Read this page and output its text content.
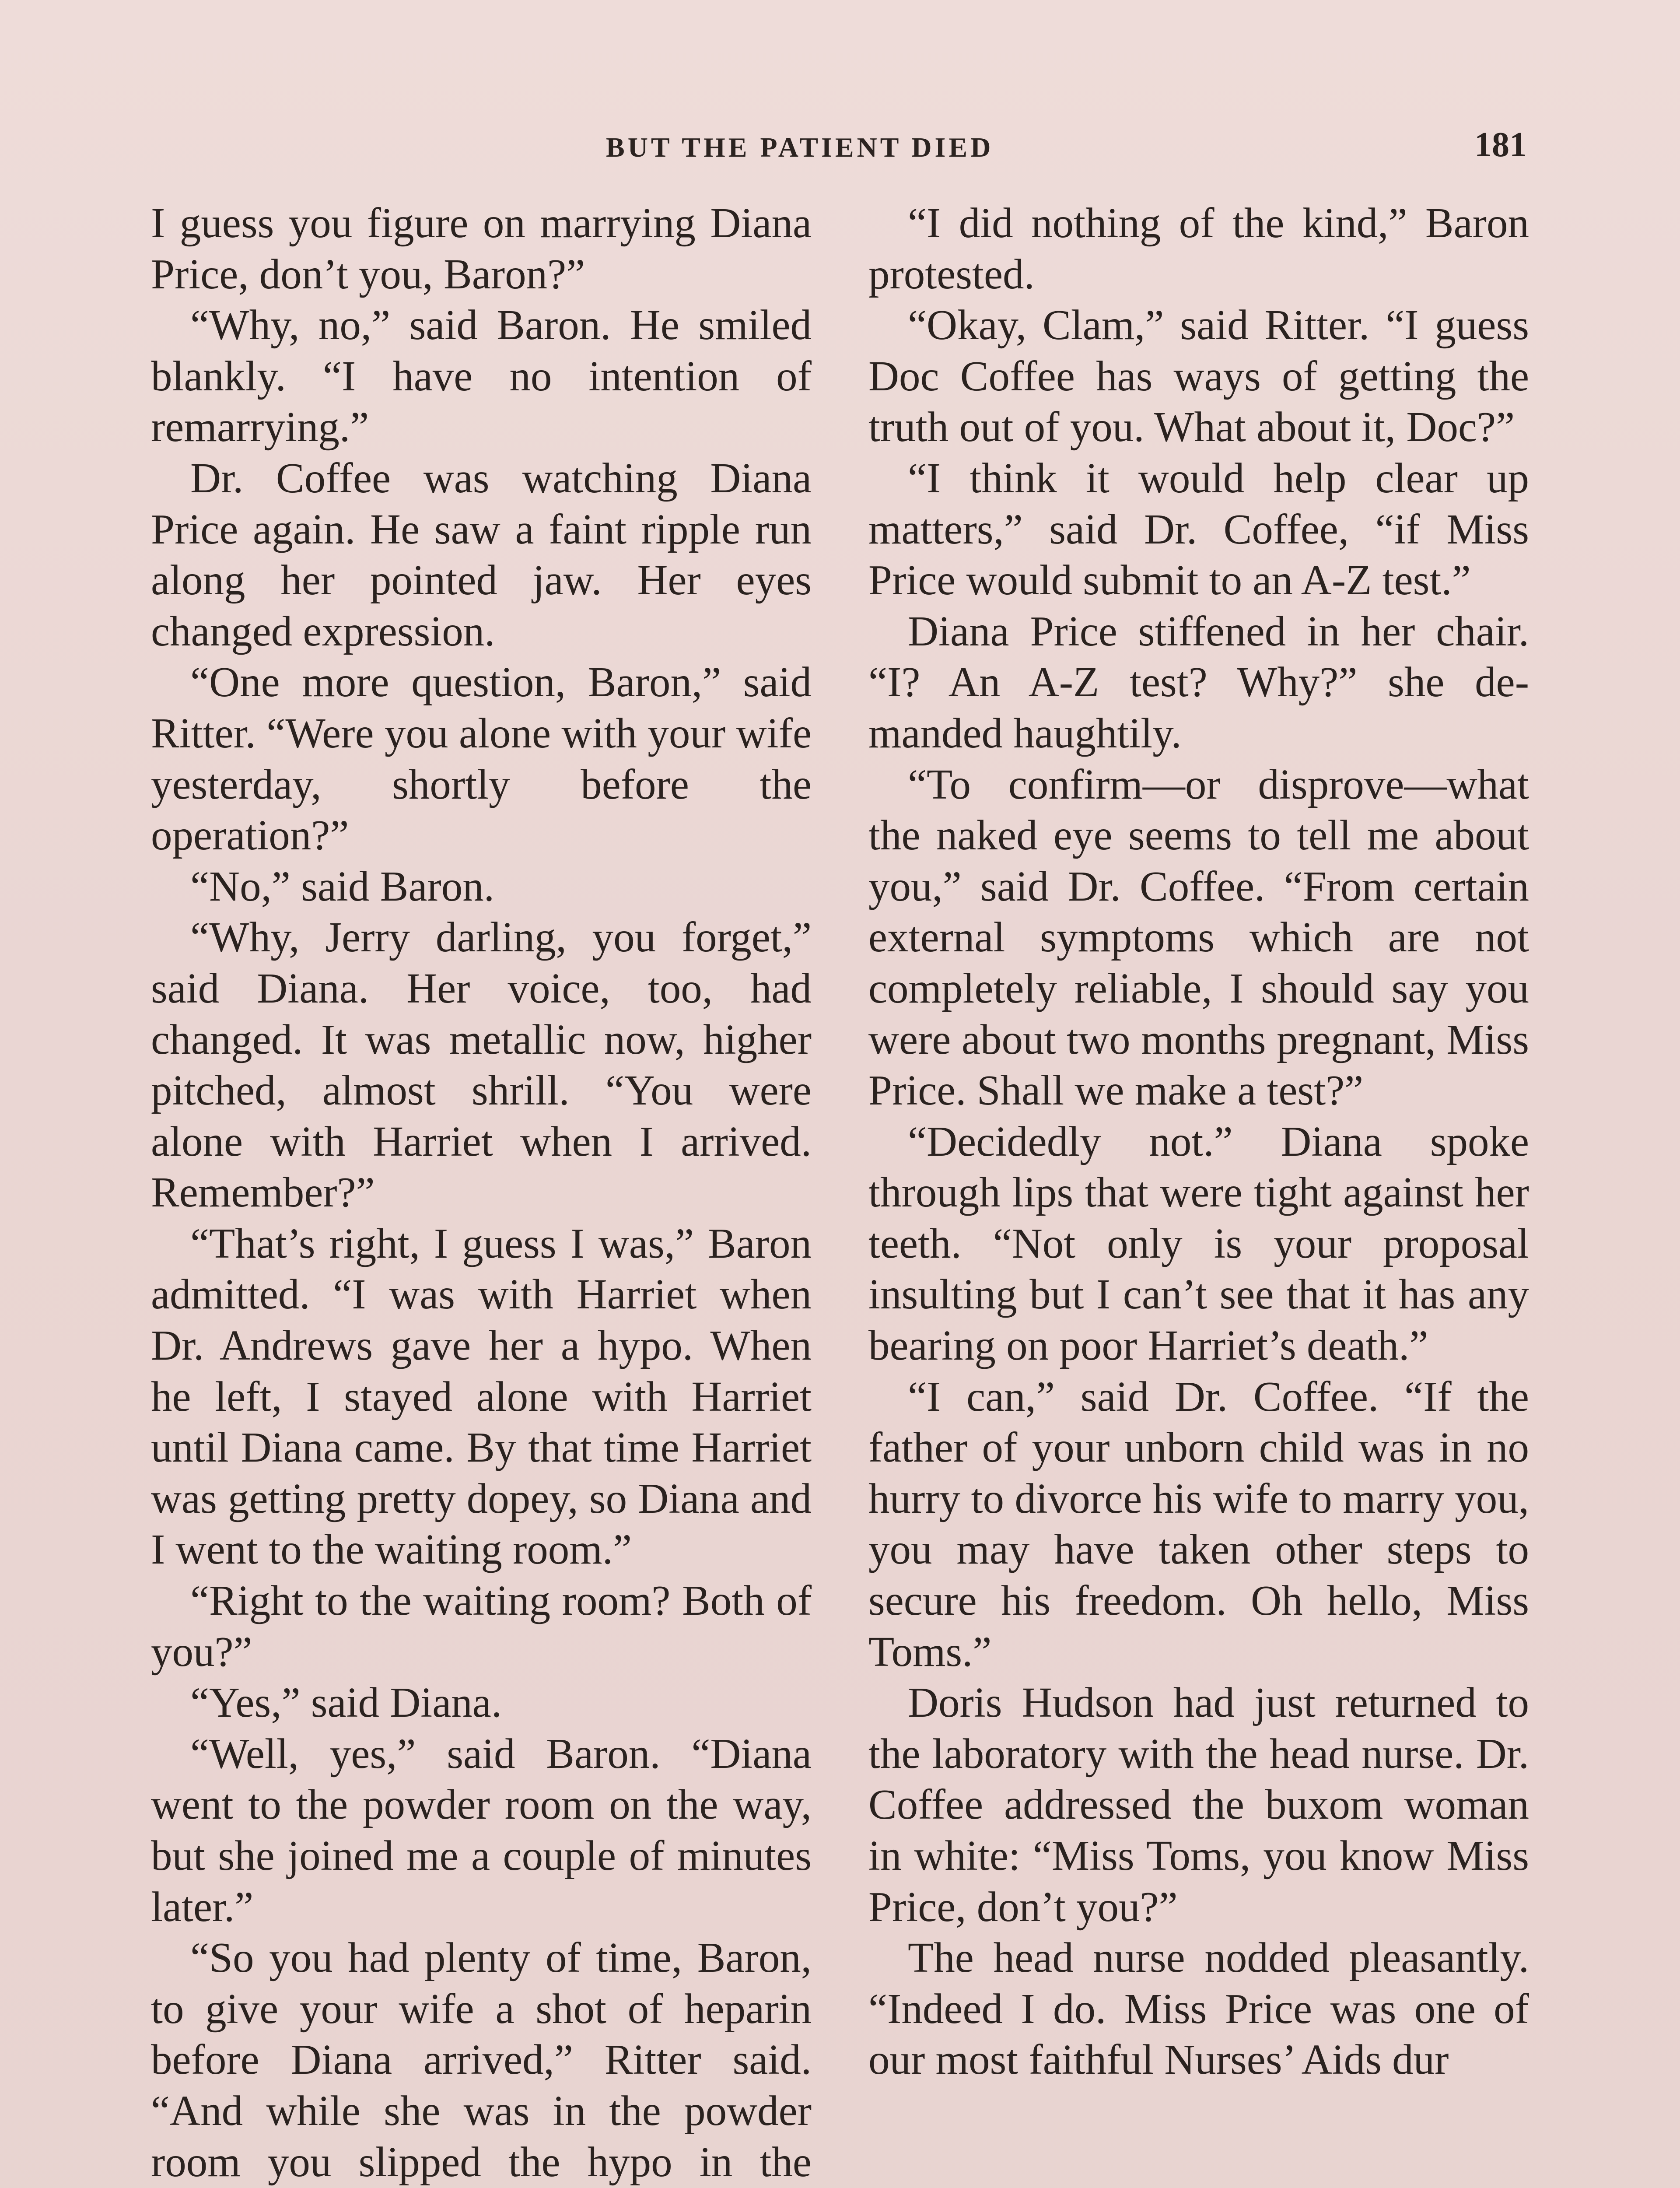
BUT THE PATIENT DIED	181

I guess you figure on marrying Diana Price, don’t you, Baron?”

“Why, no,” said Baron. He smiled blankly. “I have no intention of remarrying.”

Dr. Coffee was watching Diana Price again. He saw a faint ripple run along her pointed jaw. Her eyes changed expression.

“One more question, Baron,” said Ritter. “Were you alone with your wife yesterday, shortly before the operation?”

“No,” said Baron.

“Why, Jerry darling, you forget,” said Diana. Her voice, too, had changed. It was metallic now, higher pitched, almost shrill. “You were alone with Harriet when I arrived. Remember?”

“That’s right, I guess I was,” Baron admitted. “I was with Harriet when Dr. Andrews gave her a hypo. When he left, I stayed alone with Harriet until Diana came. By that time Harriet was getting pretty dopey, so Diana and I went to the waiting room.”

“Right to the waiting room? Both of you?”

“Yes,” said Diana.

“Well, yes,” said Baron. “Diana went to the powder room on the way, but she joined me a couple of minutes later.”

“So you had plenty of time, Baron, to give your wife a shot of heparin before Diana arrived,” Ritter said. “And while she was in the powder room you slipped the hypo in the

“I did nothing of the kind,” Baron protested.

“Okay, Clam,” said Ritter. “I guess Doc Coffee has ways of getting the truth out of you. What about it, Doc?”

“I think it would help clear up matters,” said Dr. Coffee, “if Miss Price would submit to an A-Z test.”

Diana Price stiffened in her chair. “I? An A-Z test? Why?” she demanded haughtily.

“To confirm—or disprove—what the naked eye seems to tell me about you,” said Dr. Coffee. “From certain external symptoms which are not completely reliable, I should say you were about two months pregnant, Miss Price. Shall we make a test?”

“Decidedly not.” Diana spoke through lips that were tight against her teeth. “Not only is your proposal insulting but I can’t see that it has any bearing on poor Harriet’s death.”

“I can,” said Dr. Coffee. “If the father of your unborn child was in no hurry to divorce his wife to marry you, you may have taken other steps to secure his freedom. Oh hello, Miss Toms.”

Doris Hudson had just returned to the laboratory with the head nurse. Dr. Coffee addressed the buxom woman in white: “Miss Toms, you know Miss Price, don’t you?”

The head nurse nodded pleasantly. “Indeed I do. Miss Price was one of our most faithful Nurses’ Aids dur
